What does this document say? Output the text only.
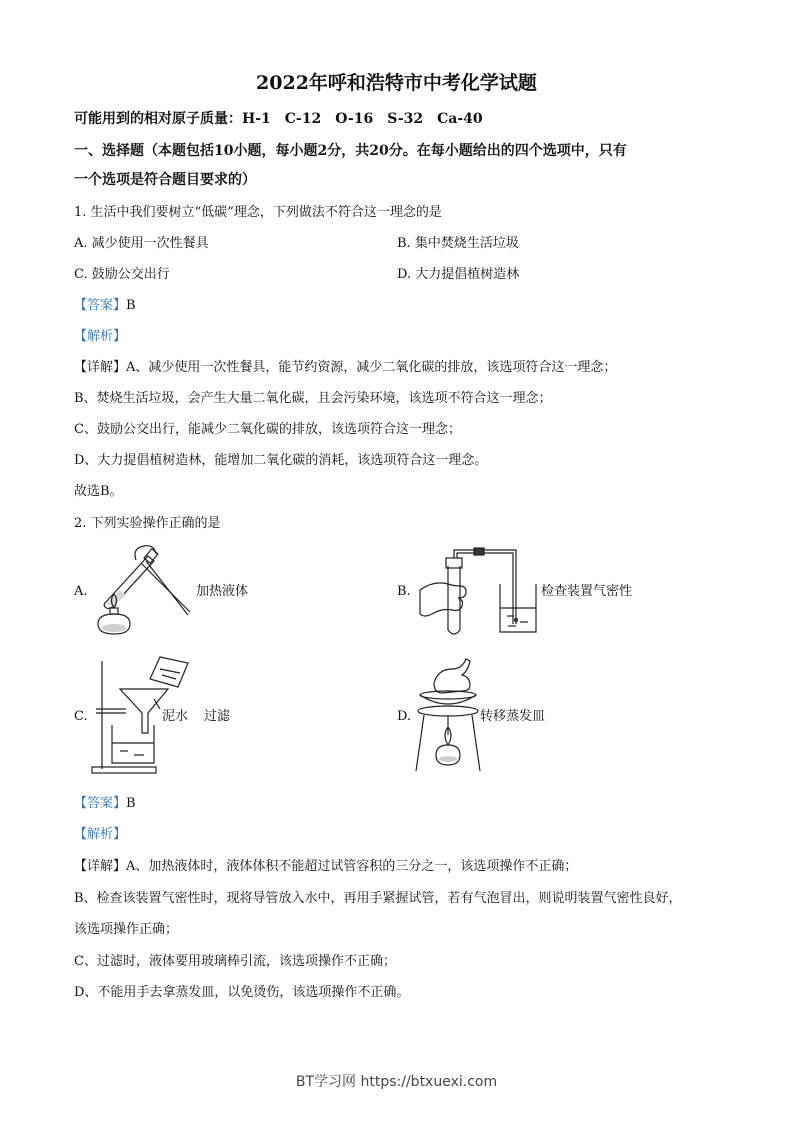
2022年呼和浩特市中考化学试题
可能用到的相对原子质量：H-1　C-12　O-16　S-32　Ca-40
一、选择题（本题包括10小题，每小题2分，共20分。在每小题给出的四个选项中，只有
一个选项是符合题目要求的）
1. 生活中我们要树立“低碳”理念，下列做法不符合这一理念的是
A. 减少使用一次性餐具	B. 集中焚烧生活垃圾
C. 鼓励公交出行	D. 大力提倡植树造林
【答案】B
【解析】
【详解】A、减少使用一次性餐具，能节约资源，减少二氧化碳的排放，该选项符合这一理念；
B、焚烧生活垃圾，会产生大量二氧化碳，且会污染环境，该选项不符合这一理念；
C、鼓励公交出行，能减少二氧化碳的排放，该选项符合这一理念；
D、大力提倡植树造林，能增加二氧化碳的消耗，该选项符合这一理念。
故选B。
2. 下列实验操作正确的是
A.	加热液体	B.	检查装置气密性
C.	泥水 过滤	D.	转移蒸发皿
【答案】B
【解析】
【详解】A、加热液体时，液体体积不能超过试管容积的三分之一，该选项操作不正确；
B、检查该装置气密性时，现将导管放入水中，再用手紧握试管，若有气泡冒出，则说明装置气密性良好，
该选项操作正确；
C、过滤时，液体要用玻璃棒引流，该选项操作不正确；
D、不能用手去拿蒸发皿，以免烫伤，该选项操作不正确。
BT学习网 https://btxuexi.com
